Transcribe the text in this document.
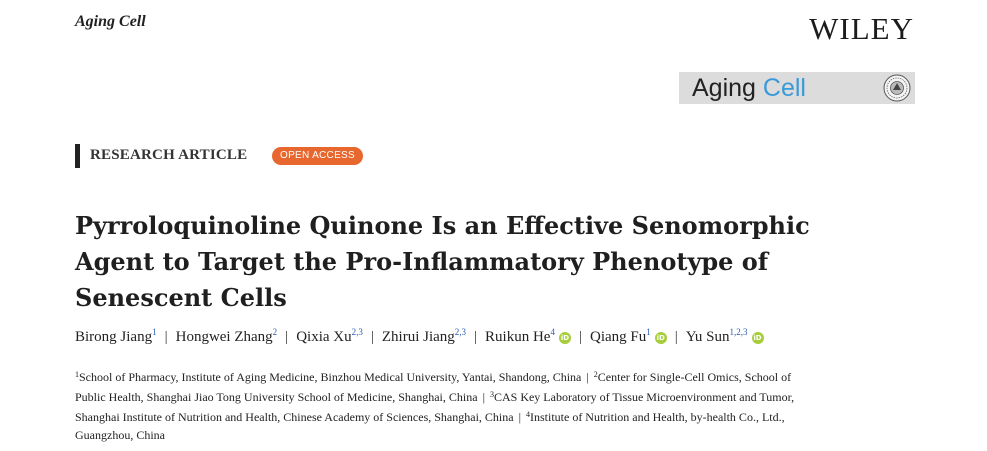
Aging Cell	WILEY
Aging Cell
RESEARCH ARTICLE	OPEN ACCESS
Pyrroloquinoline Quinone Is an Effective Senomorphic
Agent to Target the Pro-Inflammatory Phenotype of
Senescent Cells
Birong Jiang$^1$ | Hongwei Zhang$^2$ | Qixia Xu$^{2,3}$ | Zhirui Jiang$^{2,3}$ | Ruikun He$^4$iD | Qiang Fu$^1$iD | Yu Sun$^{1,2,3}$iD
$^1$School of Pharmacy, Institute of Aging Medicine, Binzhou Medical University, Yantai, Shandong, China | $^2$Center for Single-Cell Omics, School of
Public Health, Shanghai Jiao Tong University School of Medicine, Shanghai, China | $^3$CAS Key Laboratory of Tissue Microenvironment and Tumor,
Shanghai Institute of Nutrition and Health, Chinese Academy of Sciences, Shanghai, China | $^4$Institute of Nutrition and Health, by-health Co., Ltd.,
Guangzhou, China
